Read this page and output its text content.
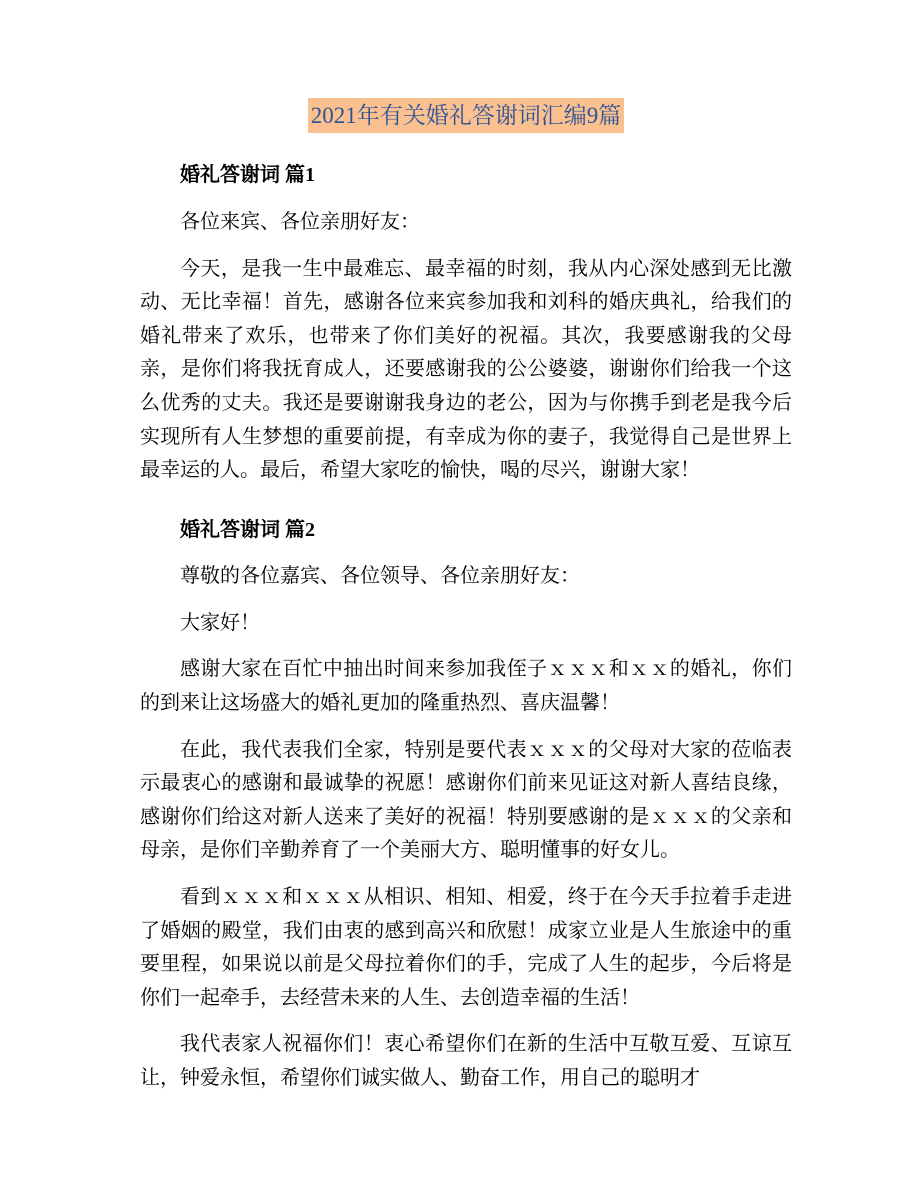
2021年有关婚礼答谢词汇编9篇

婚礼答谢词 篇1

各位来宾、各位亲朋好友：

今天，是我一生中最难忘、最幸福的时刻，我从内心深处感到无比激动、无比幸福！首先，感谢各位来宾参加我和刘科的婚庆典礼，给我们的婚礼带来了欢乐，也带来了你们美好的祝福。其次，我要感谢我的父母亲，是你们将我抚育成人，还要感谢我的公公婆婆，谢谢你们给我一个这么优秀的丈夫。我还是要谢谢我身边的老公，因为与你携手到老是我今后实现所有人生梦想的重要前提，有幸成为你的妻子，我觉得自己是世界上最幸运的人。最后，希望大家吃的愉快，喝的尽兴，谢谢大家！

婚礼答谢词 篇2

尊敬的各位嘉宾、各位领导、各位亲朋好友：

大家好！

感谢大家在百忙中抽出时间来参加我侄子ｘｘｘ和ｘｘ的婚礼，你们的到来让这场盛大的婚礼更加的隆重热烈、喜庆温馨！

在此，我代表我们全家，特别是要代表ｘｘｘ的父母对大家的莅临表示最衷心的感谢和最诚挚的祝愿！感谢你们前来见证这对新人喜结良缘，感谢你们给这对新人送来了美好的祝福！特别要感谢的是ｘｘｘ的父亲和母亲，是你们辛勤养育了一个美丽大方、聪明懂事的好女儿。

看到ｘｘｘ和ｘｘｘ从相识、相知、相爱，终于在今天手拉着手走进了婚姻的殿堂，我们由衷的感到高兴和欣慰！成家立业是人生旅途中的重要里程，如果说以前是父母拉着你们的手，完成了人生的起步，今后将是你们一起牵手，去经营未来的人生、去创造幸福的生活！

我代表家人祝福你们！衷心希望你们在新的生活中互敬互爱、互谅互让，钟爱永恒，希望你们诚实做人、勤奋工作，用自己的聪明才
